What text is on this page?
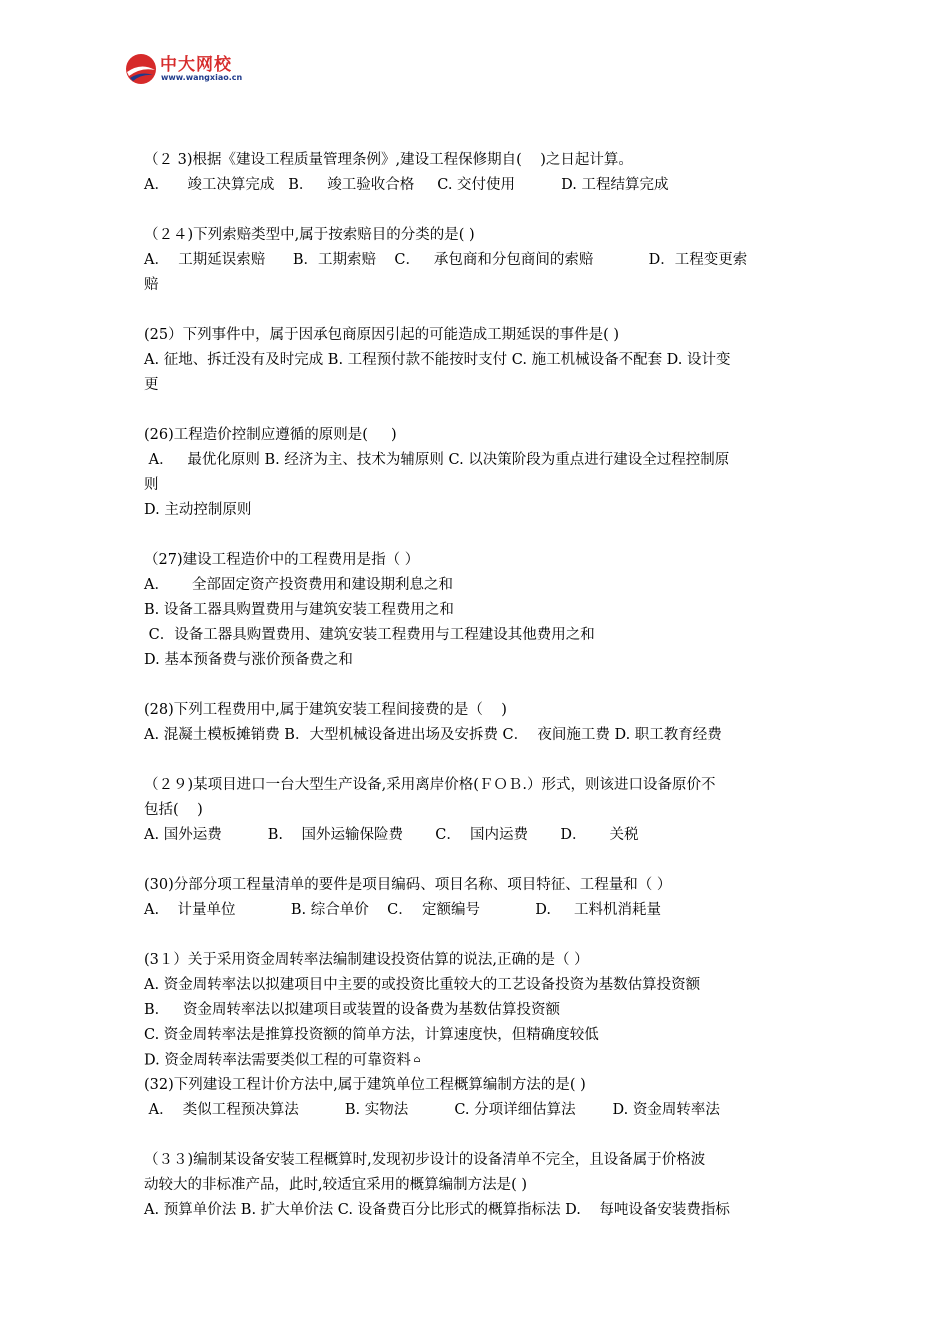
中大网校
www.wangxiao.cn
（２ 3)根据《建设工程质量管理条例》,建设工程保修期自(    )之日起计算。
A．    竣工决算完成   B．   竣工验收合格     C. 交付使用          D. 工程结算完成
（２４)下列索赔类型中,属于按索赔目的分类的是( )
A．  工期延误索赔      B．工期索赔    C．   承包商和分包商间的索赔            D．工程变更索
赔
(25）下列事件中，属于因承包商原因引起的可能造成工期延误的事件是( )
A. 征地、拆迁没有及时完成 B. 工程预付款不能按时支付 C. 施工机械设备不配套 D. 设计变
更
(26)工程造价控制应遵循的原则是(     )
A．   最优化原则 B. 经济为主、技术为辅原则 C. 以决策阶段为重点进行建设全过程控制原
则
D. 主动控制原则
（27)建设工程造价中的工程费用是指（ ）
A．     全部固定资产投资费用和建设期利息之和
B. 设备工器具购置费用与建筑安装工程费用之和
C．设备工器具购置费用、建筑安装工程费用与工程建设其他费用之和
D. 基本预备费与涨价预备费之和
(28)下列工程费用中,属于建筑安装工程间接费的是（    )
A. 混凝土模板摊销费 B．大型机械设备进出场及安拆费 C．  夜间施工费 D. 职工教育经费
（２９)某项目进口一台大型生产设备,采用离岸价格(ＦＯＢ.）形式，则该进口设备原价不
包括(    )
A. 国外运费          B.    国外运输保险费       C．  国内运费       D．     关税
(30)分部分项工程量清单的要件是项目编码、项目名称、项目特征、工程量和（ ）
A.    计量单位            B. 综合单价    C．  定额编号            D.     工料机消耗量
(3１）关于采用资金周转率法编制建设投资估算的说法,正确的是（ ）
A. 资金周转率法以拟建项目中主要的或投资比重较大的工艺设备投资为基数估算投资额
B．   资金周转率法以拟建项目或装置的设备费为基数估算投资额
C. 资金周转率法是推算投资额的简单方法，计算速度快，但精确度较低
D. 资金周转率法需要类似工程的可靠资料 ⌂
(32)下列建设工程计价方法中,属于建筑单位工程概算编制方法的是( )
A．  类似工程预决算法          B. 实物法          C. 分项详细估算法        D. 资金周转率法
（３３)编制某设备安装工程概算时,发现初步设计的设备清单不完全，且设备属于价格波
动较大的非标准产品，此时,较适宜采用的概算编制方法是( )
A. 预算单价法 B. 扩大单价法 C. 设备费百分比形式的概算指标法 D.    每吨设备安装费指标
